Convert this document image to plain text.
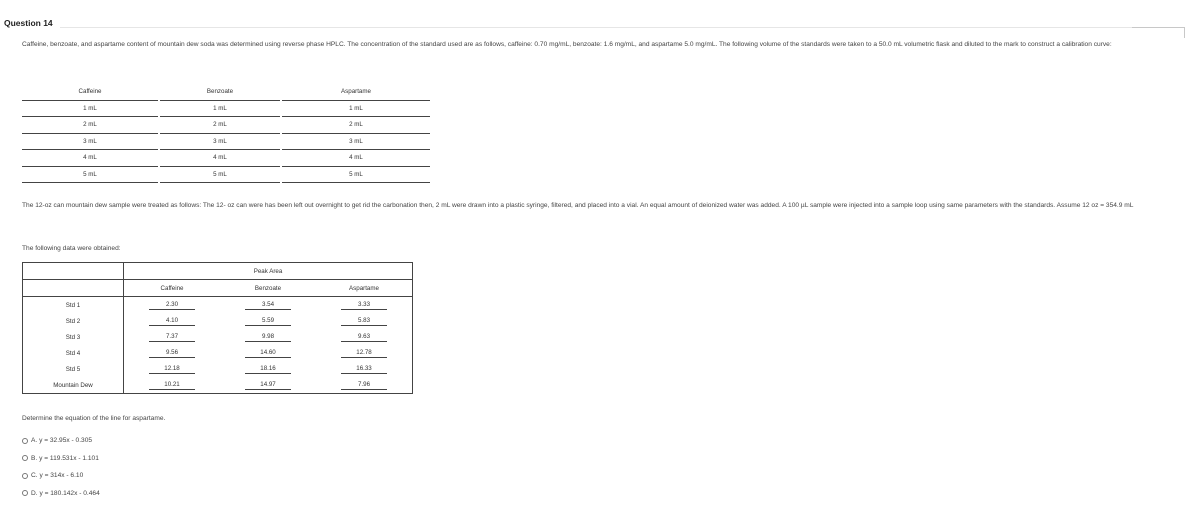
Question 14
Caffeine, benzoate, and aspartame content of mountain dew soda was determined using reverse phase HPLC. The concentration of the standard used are as follows, caffeine: 0.70 mg/mL, benzoate: 1.6 mg/mL, and aspartame 5.0 mg/mL. The following volume of the standards were taken to a 50.0 mL volumetric flask and diluted to the mark to construct a calibration curve:
Caffeine		Benzoate		Aspartame
1 mL		1 mL		1 mL
2 mL		2 mL		2 mL
3 mL		3 mL		3 mL
4 mL		4 mL		4 mL
5 mL		5 mL		5 mL
The 12-oz can mountain dew sample were treated as follows: The 12- oz can were has been left out overnight to get rid the carbonation then, 2 mL were drawn into a plastic syringe, filtered, and placed into a vial. An equal amount of deionized water was added. A 100 µL sample were injected into a sample loop using same parameters with the standards. Assume 12 oz = 354.9 mL
The following data were obtained:
	Peak Area		
	Caffeine	Benzoate	Aspartame
Std 1	2.30	3.54	3.33
Std 2	4.10	5.59	5.83
Std 3	7.37	9.98	9.63
Std 4	9.56	14.60	12.78
Std 5	12.18	18.16	16.33
Mountain Dew	10.21	14.97	7.96
Determine the equation of the line for aspartame.
A.
y = 32.95x - 0.305
B.
y = 119.531x - 1.101
C.
y = 314x - 6.10
D.
y = 180.142x - 0.464
